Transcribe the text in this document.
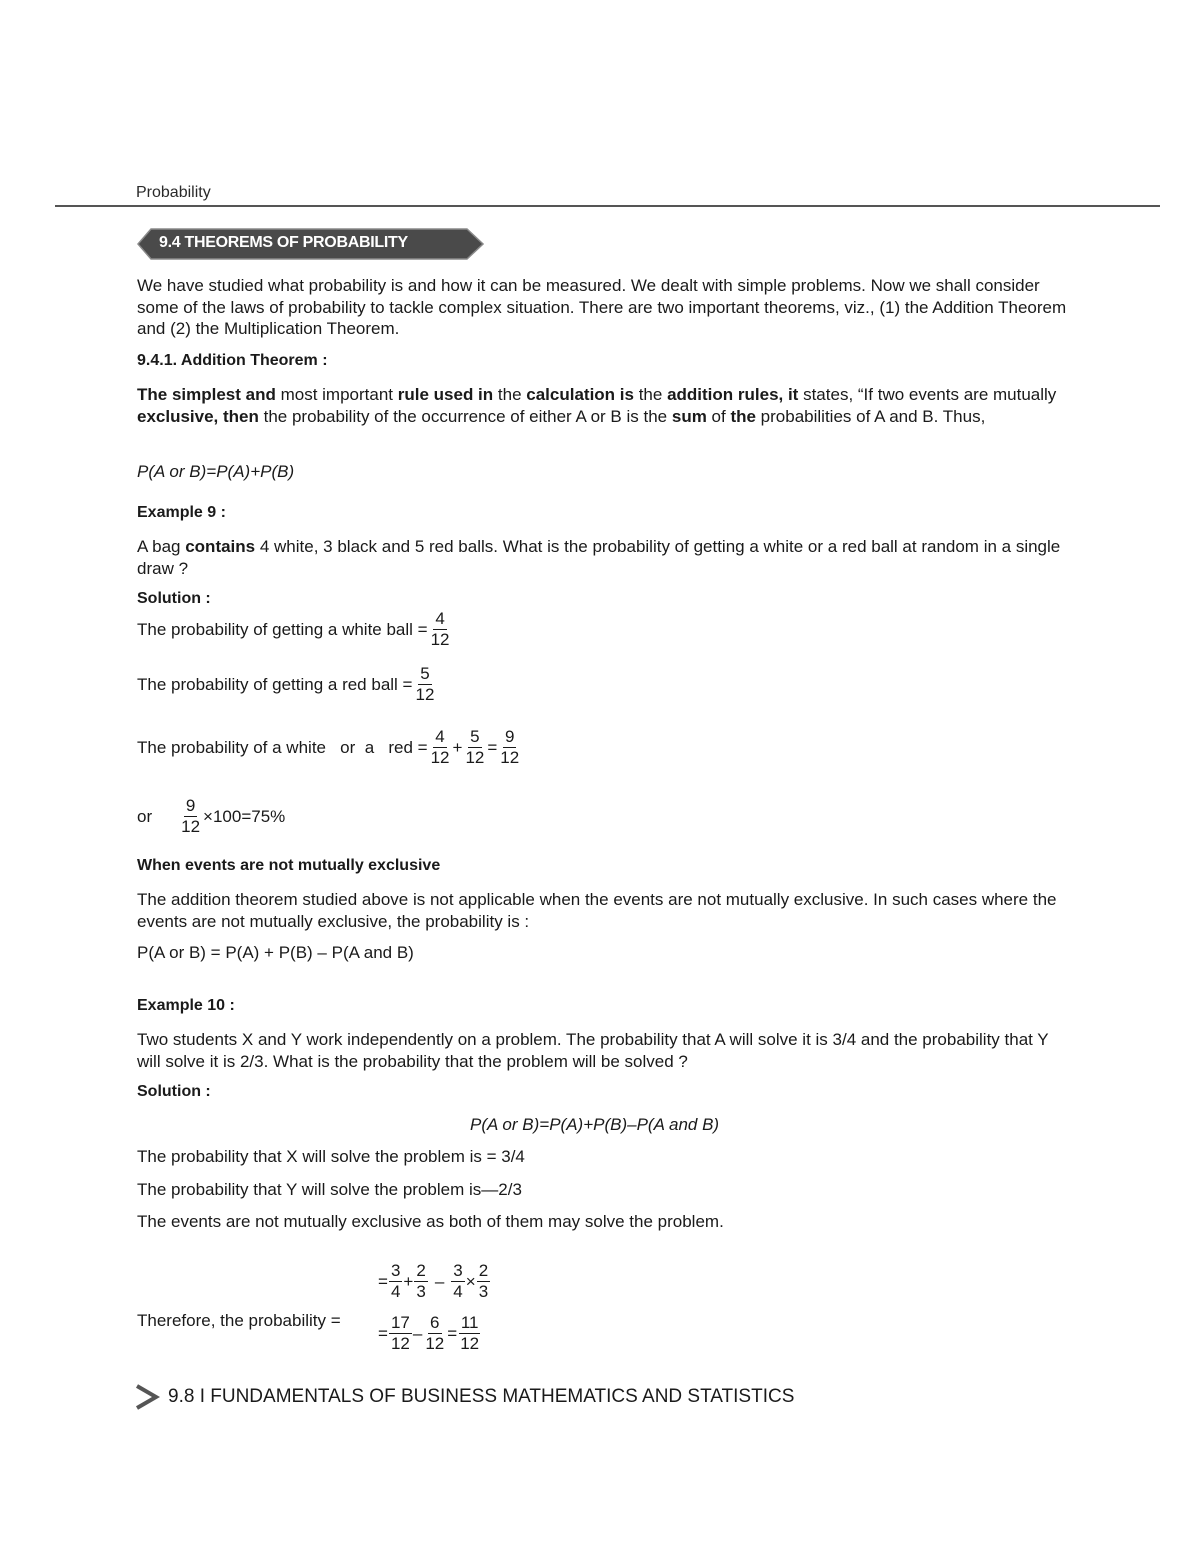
Probability
9.4 THEOREMS OF PROBABILITY
We have studied what probability is and how it can be measured. We dealt with simple problems. Now we shall consider some of the laws of probability to tackle complex situation. There are two important theorems, viz., (1) the Addition Theorem and (2) the Multiplication Theorem.
9.4.1. Addition Theorem :
The simplest and most important rule used in the calculation is the addition rules, it states, “If two events are mutually exclusive, then the probability of the occurrence of either A or B is the sum of the probabilities of A and B. Thus,
P(A or B)=P(A)+P(B)
Example 9 :
A bag contains 4 white, 3 black and 5 red balls. What is the probability of getting a white or a red ball at random in a single draw ?
Solution :
The probability of getting a white ball = $\frac{4}{12}$
The probability of getting a red ball = $\frac{5}{12}$
The probability of a white   or  a   red = $\frac{4}{12} + \frac{5}{12} = \frac{9}{12}$
or $\frac{9}{12} \times 100=75\%$
When events are not mutually exclusive
The addition theorem studied above is not applicable when the events are not mutually exclusive. In such cases where the events are not mutually exclusive, the probability is :
P(A or B) = P(A) + P(B) – P(A and B)
Example 10 :
Two students X and Y work independently on a problem. The probability that A will solve it is 3/4 and the probability that Y will solve it is 2/3. What is the probability that the problem will be solved ?
Solution :
P(A or B)=P(A)+P(B)–P(A and B)
The probability that X will solve the problem is = 3/4
The probability that Y will solve the problem is—2/3
The events are not mutually exclusive as both of them may solve the problem.
Therefore, the probability =
= $\frac{3}{4} + \frac{2}{3} - \frac{3}{4} \times \frac{2}{3}$
= $\frac{17}{12} - \frac{6}{12} = \frac{11}{12}$
9.8 I FUNDAMENTALS OF BUSINESS MATHEMATICS AND STATISTICS
